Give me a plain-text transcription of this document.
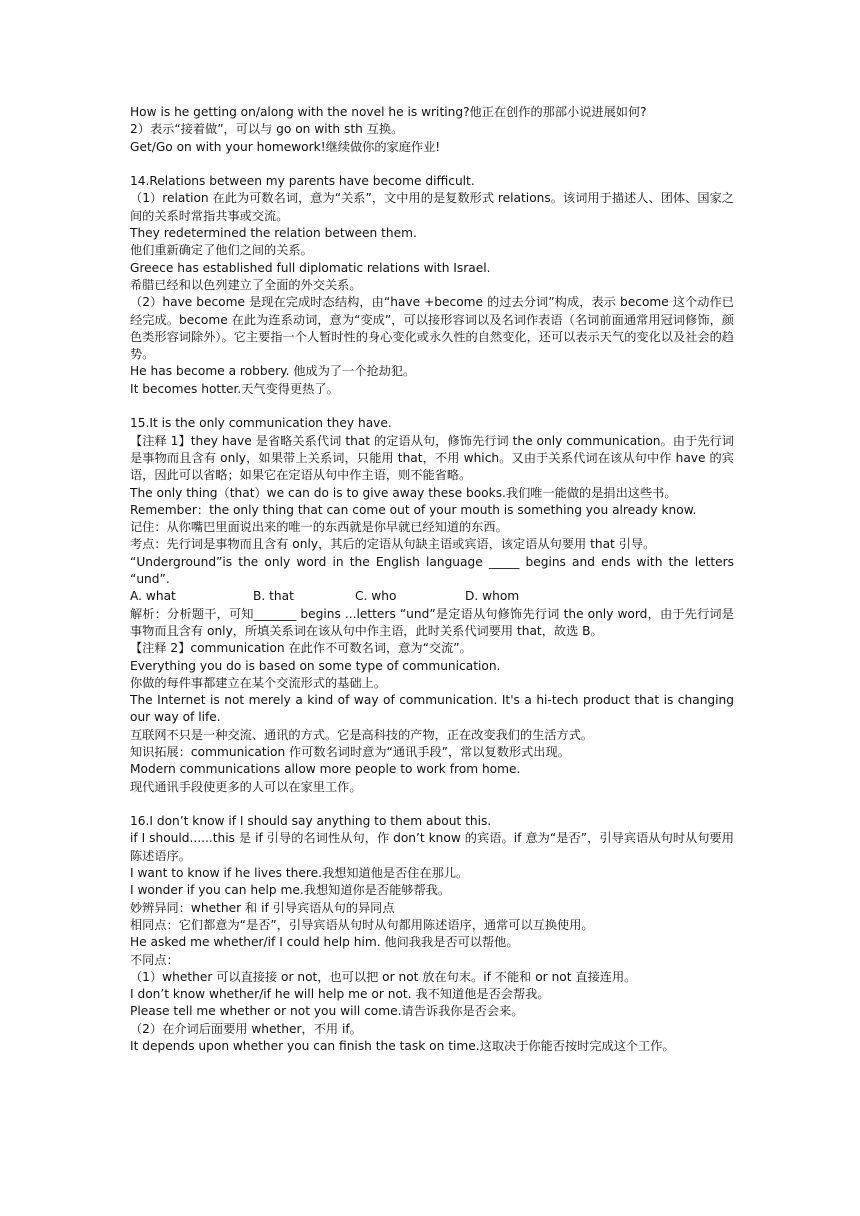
How is he getting on/along with the novel he is writing?他正在创作的那部小说进展如何?
2）表示“接着做”，可以与 go on with sth 互换。
Get/Go on with your homework!继续做你的家庭作业!
14.Relations between my parents have become difficult.
（1）relation 在此为可数名词，意为“关系”，文中用的是复数形式 relations。该词用于描述人、团体、国家之间的关系时常指共事或交流。
They redetermined the relation between them.
他们重新确定了他们之间的关系。
Greece has established full diplomatic relations with Israel.
希腊已经和以色列建立了全面的外交关系。
（2）have become 是现在完成时态结构，由“have +become 的过去分词”构成，表示 become 这个动作已经完成。become 在此为连系动词，意为“变成”，可以接形容词以及名词作表语（名词前面通常用冠词修饰，颜色类形容词除外）。它主要指一个人暂时性的身心变化或永久性的自然变化，还可以表示天气的变化以及社会的趋势。
He has become a robbery. 他成为了一个抢劫犯。
It becomes hotter.天气变得更热了。
15.It is the only communication they have.
【注释 1】they have 是省略关系代词 that 的定语从句，修饰先行词 the only communication。由于先行词是事物而且含有 only，如果带上关系词，只能用 that，不用 which。又由于关系代词在该从句中作 have 的宾语，因此可以省略；如果它在定语从句中作主语，则不能省略。
The only thing（that）we can do is to give away these books.我们唯一能做的是捐出这些书。
Remember：the only thing that can come out of your mouth is something you already know.
记住：从你嘴巴里面说出来的唯一的东西就是你早就已经知道的东西。
考点：先行词是事物而且含有 only，其后的定语从句缺主语或宾语，该定语从句要用 that 引导。
“Underground”is the only word in the English language _____ begins and ends with the letters “und”.
A. what	B. that	C. who	D. whom
解析：分析题干，可知_______ begins ...letters “und”是定语从句修饰先行词 the only word，由于先行词是事物而且含有 only，所填关系词在该从句中作主语，此时关系代词要用 that，故选 B。
【注释 2】communication 在此作不可数名词，意为“交流”。
Everything you do is based on some type of communication.
你做的每件事都建立在某个交流形式的基础上。
The Internet is not merely a kind of way of communication. It's a hi-tech product that is changing our way of life.
互联网不只是一种交流、通讯的方式。它是高科技的产物，正在改变我们的生活方式。
知识拓展：communication 作可数名词时意为“通讯手段”，常以复数形式出现。
Modern communications allow more people to work from home.
现代通讯手段使更多的人可以在家里工作。
16.I don’t know if I should say anything to them about this.
if I should......this 是 if 引导的名词性从句，作 don’t know 的宾语。if 意为“是否”，引导宾语从句时从句要用陈述语序。
I want to know if he lives there.我想知道他是否住在那儿。
I wonder if you can help me.我想知道你是否能够帮我。
妙辨异同：whether 和 if 引导宾语从句的异同点
相同点：它们都意为“是否”，引导宾语从句时从句都用陈述语序，通常可以互换使用。
He asked me whether/if I could help him. 他问我我是否可以帮他。
不同点：
（1）whether 可以直接接 or not，也可以把 or not 放在句末。if 不能和 or not 直接连用。
I don’t know whether/if he will help me or not. 我不知道他是否会帮我。
Please tell me whether or not you will come.请告诉我你是否会来。
（2）在介词后面要用 whether，不用 if。
It depends upon whether you can finish the task on time.这取决于你能否按时完成这个工作。
